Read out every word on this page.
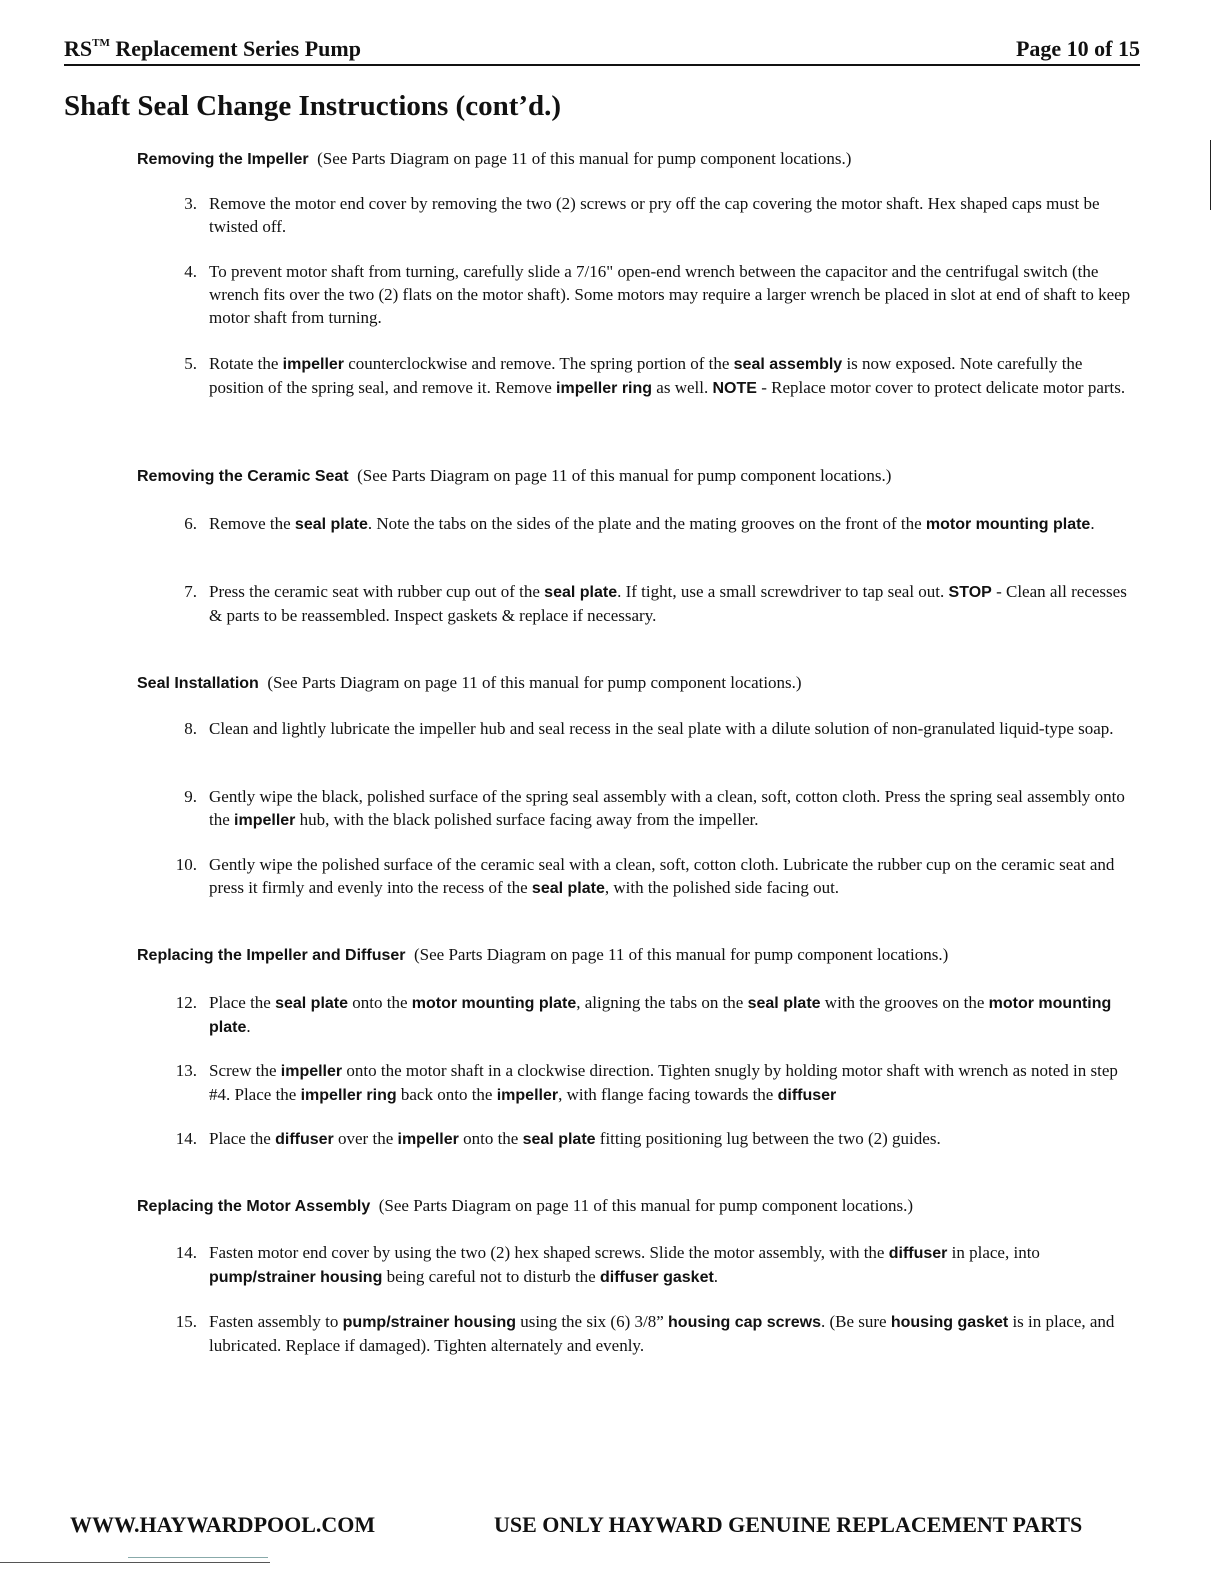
RS™ Replacement Series Pump	Page 10 of 15
Shaft Seal Change Instructions (cont’d.)
Removing the Impeller (See Parts Diagram on page 11 of this manual for pump component locations.)
3. Remove the motor end cover by removing the two (2) screws or pry off the cap covering the motor shaft. Hex shaped caps must be twisted off.
4. To prevent motor shaft from turning, carefully slide a 7/16" open-end wrench between the capacitor and the centrifugal switch (the wrench fits over the two (2) flats on the motor shaft). Some motors may require a larger wrench be placed in slot at end of shaft to keep motor shaft from turning.
5. Rotate the impeller counterclockwise and remove. The spring portion of the seal assembly is now exposed. Note carefully the position of the spring seal, and remove it. Remove impeller ring as well. NOTE - Replace motor cover to protect delicate motor parts.
Removing the Ceramic Seat (See Parts Diagram on page 11 of this manual for pump component locations.)
6. Remove the seal plate. Note the tabs on the sides of the plate and the mating grooves on the front of the motor mounting plate.
7. Press the ceramic seat with rubber cup out of the seal plate. If tight, use a small screwdriver to tap seal out. STOP - Clean all recesses & parts to be reassembled. Inspect gaskets & replace if necessary.
Seal Installation (See Parts Diagram on page 11 of this manual for pump component locations.)
8. Clean and lightly lubricate the impeller hub and seal recess in the seal plate with a dilute solution of non-granulated liquid-type soap.
9. Gently wipe the black, polished surface of the spring seal assembly with a clean, soft, cotton cloth. Press the spring seal assembly onto the impeller hub, with the black polished surface facing away from the impeller.
10. Gently wipe the polished surface of the ceramic seal with a clean, soft, cotton cloth. Lubricate the rubber cup on the ceramic seat and press it firmly and evenly into the recess of the seal plate, with the polished side facing out.
Replacing the Impeller and Diffuser (See Parts Diagram on page 11 of this manual for pump component locations.)
12. Place the seal plate onto the motor mounting plate, aligning the tabs on the seal plate with the grooves on the motor mounting plate.
13. Screw the impeller onto the motor shaft in a clockwise direction. Tighten snugly by holding motor shaft with wrench as noted in step #4. Place the impeller ring back onto the impeller, with flange facing towards the diffuser
14. Place the diffuser over the impeller onto the seal plate fitting positioning lug between the two (2) guides.
Replacing the Motor Assembly (See Parts Diagram on page 11 of this manual for pump component locations.)
14. Fasten motor end cover by using the two (2) hex shaped screws. Slide the motor assembly, with the diffuser in place, into pump/strainer housing being careful not to disturb the diffuser gasket.
15. Fasten assembly to pump/strainer housing using the six (6) 3/8” housing cap screws. (Be sure housing gasket is in place, and lubricated. Replace if damaged). Tighten alternately and evenly.
WWW.HAYWARDPOOL.COM	USE ONLY HAYWARD GENUINE REPLACEMENT PARTS
